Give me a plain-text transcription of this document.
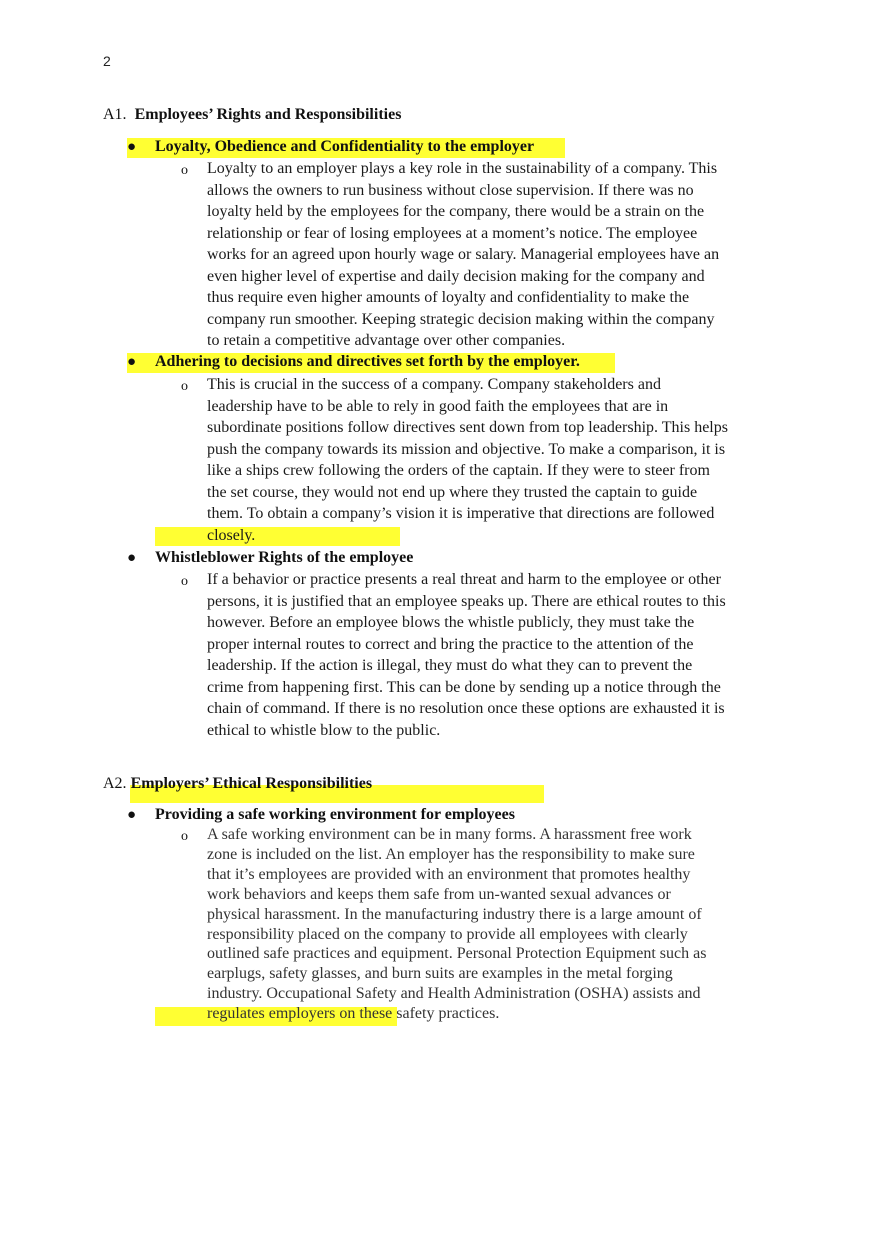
2
A1. Employees’ Rights and Responsibilities
● Loyalty, Obedience and Confidentiality to the employer
o Loyalty to an employer plays a key role in the sustainability of a company. This
allows the owners to run business without close supervision. If there was no
loyalty held by the employees for the company, there would be a strain on the
relationship or fear of losing employees at a moment’s notice. The employee
works for an agreed upon hourly wage or salary. Managerial employees have an
even higher level of expertise and daily decision making for the company and
thus require even higher amounts of loyalty and confidentiality to make the
company run smoother. Keeping strategic decision making within the company
to retain a competitive advantage over other companies.
● Adhering to decisions and directives set forth by the employer.
o This is crucial in the success of a company. Company stakeholders and
leadership have to be able to rely in good faith the employees that are in
subordinate positions follow directives sent down from top leadership. This helps
push the company towards its mission and objective. To make a comparison, it is
like a ships crew following the orders of the captain. If they were to steer from
the set course, they would not end up where they trusted the captain to guide
them. To obtain a company’s vision it is imperative that directions are followed
closely.
● Whistleblower Rights of the employee
o If a behavior or practice presents a real threat and harm to the employee or other
persons, it is justified that an employee speaks up. There are ethical routes to this
however. Before an employee blows the whistle publicly, they must take the
proper internal routes to correct and bring the practice to the attention of the
leadership. If the action is illegal, they must do what they can to prevent the
crime from happening first. This can be done by sending up a notice through the
chain of command. If there is no resolution once these options are exhausted it is
ethical to whistle blow to the public.
A2. Employers’ Ethical Responsibilities
● Providing a safe working environment for employees
o A safe working environment can be in many forms. A harassment free work
zone is included on the list. An employer has the responsibility to make sure
that it’s employees are provided with an environment that promotes healthy
work behaviors and keeps them safe from un-wanted sexual advances or
physical harassment. In the manufacturing industry there is a large amount of
responsibility placed on the company to provide all employees with clearly
outlined safe practices and equipment. Personal Protection Equipment such as
earplugs, safety glasses, and burn suits are examples in the metal forging
industry. Occupational Safety and Health Administration (OSHA) assists and
regulates employers on these safety practices.
